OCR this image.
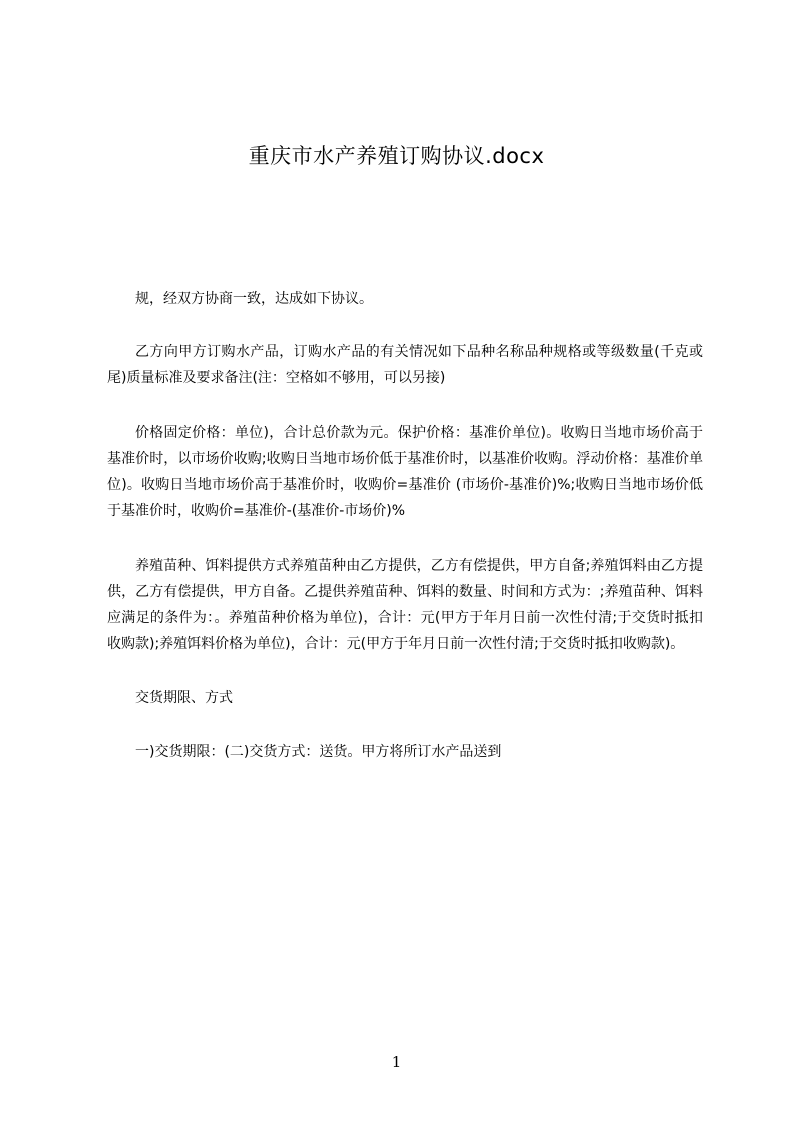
重庆市水产养殖订购协议.docx

规，经双方协商一致，达成如下协议。

乙方向甲方订购水产品，订购水产品的有关情况如下品种名称品种规格或等级数量(千克或尾)质量标准及要求备注(注：空格如不够用，可以另接)

价格固定价格：单位)，合计总价款为元。保护价格：基准价单位)。收购日当地市场价高于基准价时，以市场价收购;收购日当地市场价低于基准价时，以基准价收购。浮动价格：基准价单位)。收购日当地市场价高于基准价时，收购价=基准价 (市场价-基准价)%;收购日当地市场价低于基准价时，收购价=基准价-(基准价-市场价)%

养殖苗种、饵料提供方式养殖苗种由乙方提供，乙方有偿提供，甲方自备;养殖饵料由乙方提供，乙方有偿提供，甲方自备。乙提供养殖苗种、饵料的数量、时间和方式为：;养殖苗种、饵料应满足的条件为：。养殖苗种价格为单位)，合计：元(甲方于年月日前一次性付清;于交货时抵扣收购款);养殖饵料价格为单位)，合计：元(甲方于年月日前一次性付清;于交货时抵扣收购款)。

交货期限、方式

一)交货期限：(二)交货方式：送货。甲方将所订水产品送到

1
